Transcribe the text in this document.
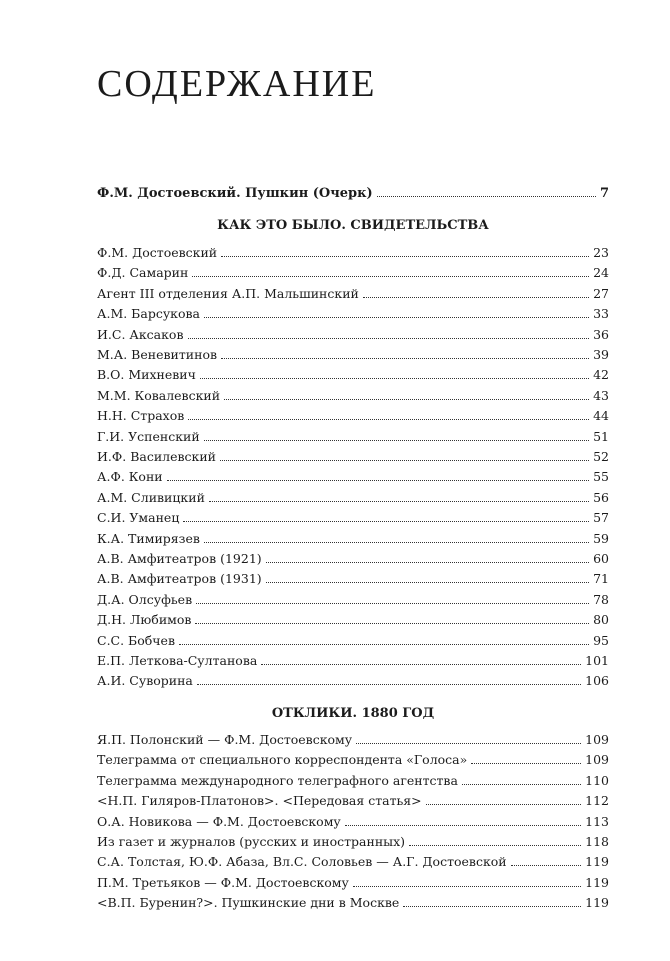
СОДЕРЖАНИЕ
Ф.М. Достоевский. Пушкин (Очерк)	7
КАК ЭТО БЫЛО. СВИДЕТЕЛЬСТВА
Ф.М. Достоевский	23
Ф.Д. Самарин	24
Агент III отделения А.П. Мальшинский	27
А.М. Барсукова	33
И.С. Аксаков	36
М.А. Веневитинов	39
В.О. Михневич	42
М.М. Ковалевский	43
Н.Н. Страхов	44
Г.И. Успенский	51
И.Ф. Василевский	52
А.Ф. Кони	55
А.М. Сливицкий	56
С.И. Уманец	57
К.А. Тимирязев	59
А.В. Амфитеатров (1921)	60
А.В. Амфитеатров (1931)	71
Д.А. Олсуфьев	78
Д.Н. Любимов	80
С.С. Бобчев	95
Е.П. Леткова-Султанова	101
А.И. Суворина	106
ОТКЛИКИ. 1880 ГОД
Я.П. Полонский — Ф.М. Достоевскому	109
Телеграмма от специального корреспондента «Голоса»	109
Телеграмма международного телеграфного агентства	110
<Н.П. Гиляров-Платонов>. <Передовая статья>	112
О.А. Новикова — Ф.М. Достоевскому	113
Из газет и журналов (русских и иностранных)	118
С.А. Толстая, Ю.Ф. Абаза, Вл.С. Соловьев — А.Г. Достоевской	119
П.М. Третьяков — Ф.М. Достоевскому	119
<В.П. Буренин?>. Пушкинские дни в Москве	119
